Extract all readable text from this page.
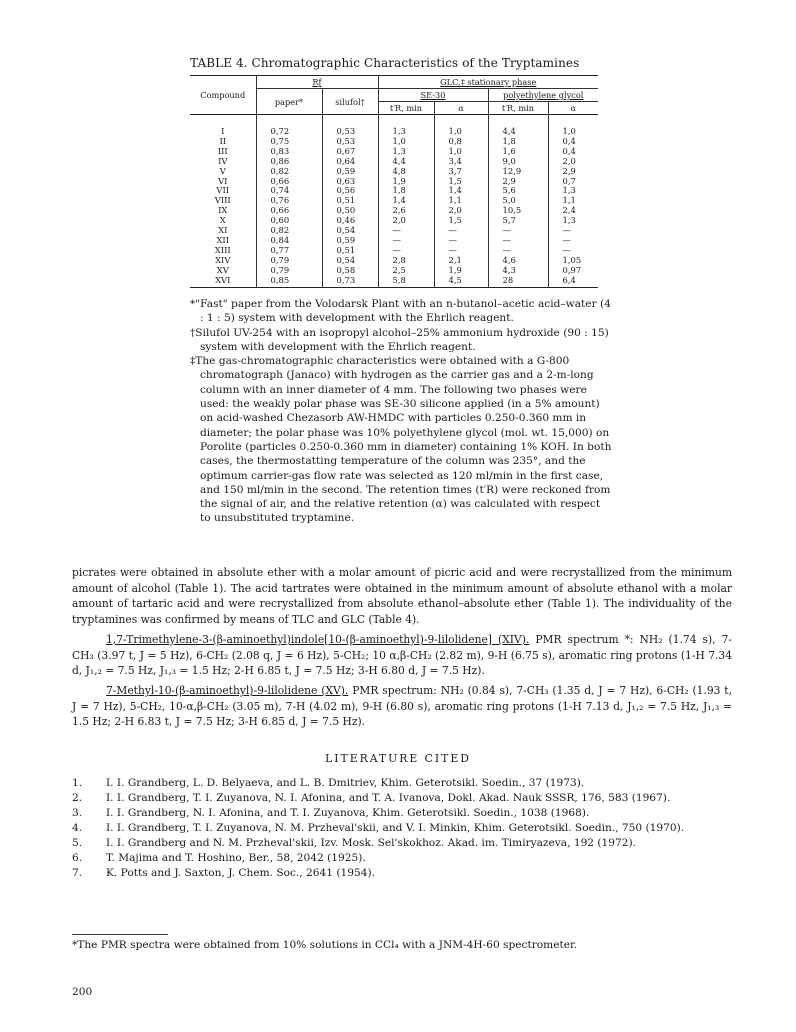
TABLE 4. Chromatographic Characteristics of the Tryptamines
Compound	Rƒ		GLC,‡ stationary phase			
	paper*	silufol†	SE-30		polyethylene glycol	
			t′R, min	α	t′R, min	α
I	0,72	0,53	1,3	1,0	4,4	1,0
II	0,75	0,53	1,0	0,8	1,8	0,4
III	0,83	0,67	1,3	1,0	1,6	0,4
IV	0,86	0,64	4,4	3,4	9,0	2,0
V	0,82	0,59	4,8	3,7	12,9	2,9
VI	0,66	0,63	1,9	1,5	2,9	0,7
VII	0,74	0,56	1,8	1,4	5,6	1,3
VIII	0,76	0,51	1,4	1,1	5,0	1,1
IX	0,66	0,50	2,6	2,0	10,5	2,4
X	0,60	0,46	2,0	1,5	5,7	1,3
XI	0,82	0,54	—	—	—	—
XII	0,84	0,59	—	—	—	—
XIII	0,77	0,51	—	—	—	—
XIV	0,79	0,54	2,8	2,1	4,6	1,05
XV	0,79	0,58	2,5	1,9	4,3	0,97
XVI	0,85	0,73	5,8	4,5	28	6,4

*"Fast" paper from the Volodarsk Plant with an n-butanol–acetic acid–water (4 : 1 : 5) system with development with the Ehrlich reagent.

†Silufol UV-254 with an isopropyl alcohol–25% ammonium hydroxide (90 : 15) system with development with the Ehrlich reagent.

‡The gas-chromatographic characteristics were obtained with a G-800 chromatograph (Janaco) with hydrogen as the carrier gas and a 2-m-long column with an inner diameter of 4 mm. The following two phases were used: the weakly polar phase was SE-30 silicone applied (in a 5% amount) on acid-washed Chezasorb AW-HMDC with particles 0.250-0.360 mm in diameter; the polar phase was 10% polyethylene glycol (mol. wt. 15,000) on Porolite (particles 0.250-0.360 mm in diameter) containing 1% KOH. In both cases, the thermostatting temperature of the column was 235°, and the optimum carrier-gas flow rate was selected as 120 ml/min in the first case, and 150 ml/min in the second. The retention times (t′R) were reckoned from the signal of air, and the relative retention (α) was calculated with respect to unsubstituted tryptamine.

picrates were obtained in absolute ether with a molar amount of picric acid and were recrystallized from the minimum amount of alcohol (Table 1). The acid tartrates were obtained in the minimum amount of absolute ethanol with a molar amount of tartaric acid and were recrystallized from absolute ethanol–absolute ether (Table 1). The individuality of the tryptamines was confirmed by means of TLC and GLC (Table 4).

1,7-Trimethylene-3-(β-aminoethyl)indole[10-(β-aminoethyl)-9-lilolidene] (XIV). PMR spectrum *: NH₂ (1.74 s), 7-CH₃ (3.97 t, J = 5 Hz), 6-CH₂ (2.08 q, J = 6 Hz), 5-CH₂; 10 α,β-CH₂ (2.82 m), 9-H (6.75 s), aromatic ring protons (1-H 7.34 d, J₁,₂ = 7.5 Hz, J₁,₃ = 1.5 Hz; 2-H 6.85 t, J = 7.5 Hz; 3-H 6.80 d, J = 7.5 Hz).

7-Methyl-10-(β-aminoethyl)-9-lilolidene (XV). PMR spectrum: NH₂ (0.84 s), 7-CH₃ (1.35 d, J = 7 Hz), 6-CH₂ (1.93 t, J = 7 Hz), 5-CH₂, 10-α,β-CH₂ (3.05 m), 7-H (4.02 m), 9-H (6.80 s), aromatic ring protons (1-H 7.13 d, J₁,₂ = 7.5 Hz, J₁,₃ = 1.5 Hz; 2-H 6.83 t, J = 7.5 Hz; 3-H 6.85 d, J = 7.5 Hz).

LITERATURE CITED
1. I. I. Grandberg, L. D. Belyaeva, and L. B. Dmitriev, Khim. Geterotsikl. Soedin., 37 (1973).
2. I. I. Grandberg, T. I. Zuyanova, N. I. Afonina, and T. A. Ivanova, Dokl. Akad. Nauk SSSR, 176, 583 (1967).
3. I. I. Grandberg, N. I. Afonina, and T. I. Zuyanova, Khim. Geterotsikl. Soedin., 1038 (1968).
4. I. I. Grandberg, T. I. Zuyanova, N. M. Przheval'skii, and V. I. Minkin, Khim. Geterotsikl. Soedin., 750 (1970).
5. I. I. Grandberg and N. M. Przheval'skii, Izv. Mosk. Sel'skokhoz. Akad. im. Timiryazeva, 192 (1972).
6. T. Majima and T. Hoshino, Ber., 58, 2042 (1925).
7. K. Potts and J. Saxton, J. Chem. Soc., 2641 (1954).
*The PMR spectra were obtained from 10% solutions in CCl₄ with a JNM-4H-60 spectrometer.
200
